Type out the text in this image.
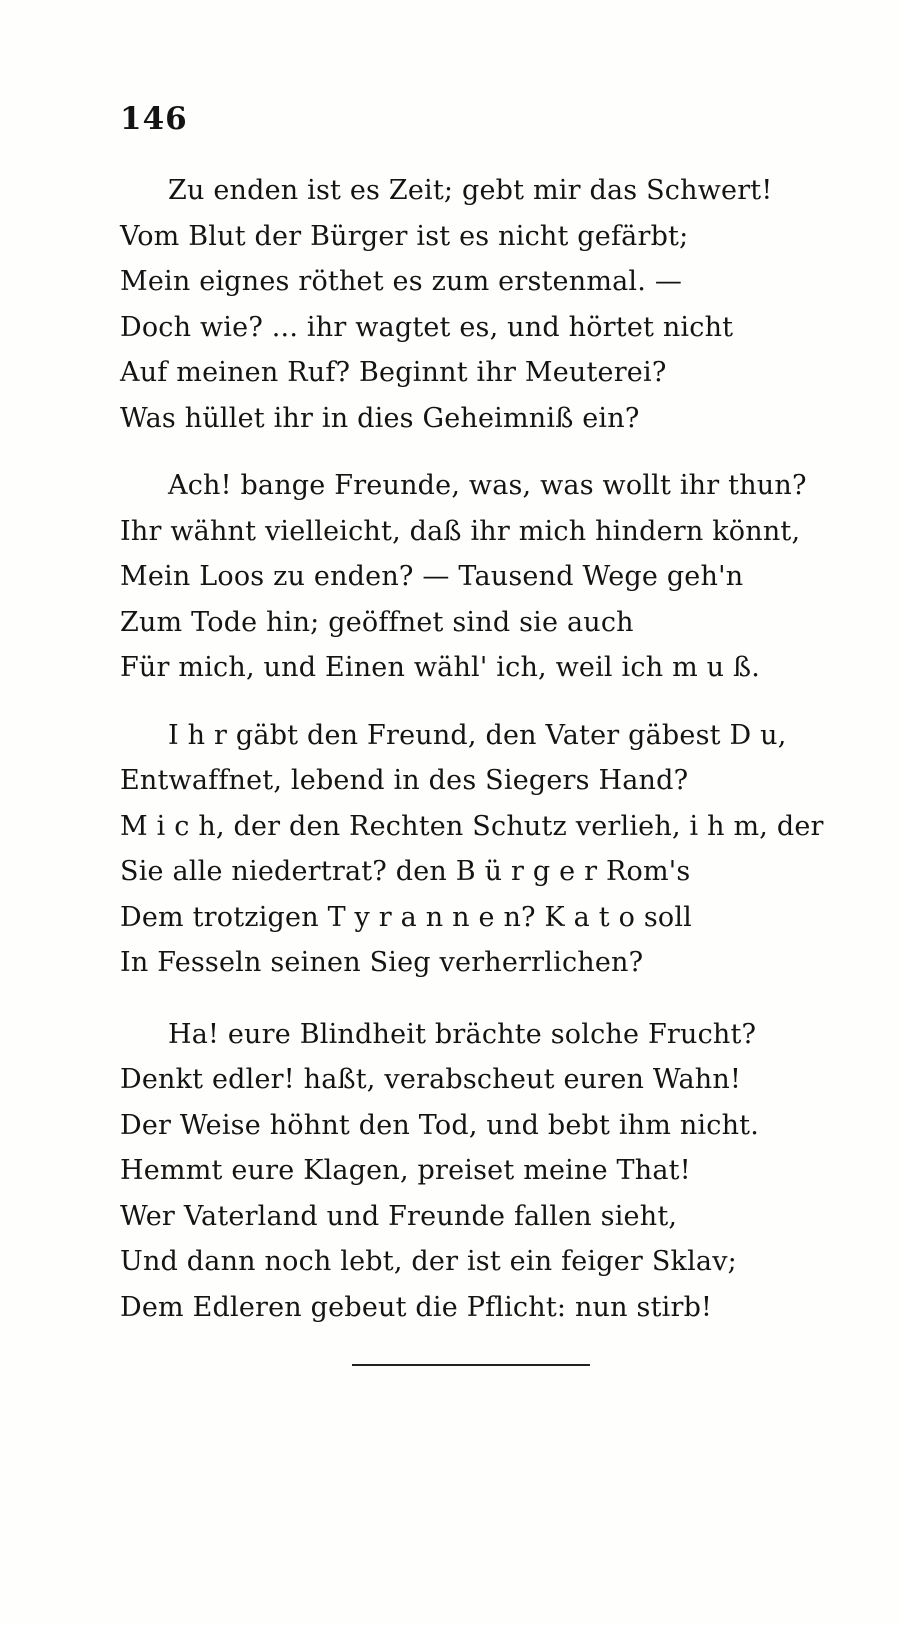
146
Zu enden ist es Zeit; gebt mir das Schwert!
Vom Blut der Bürger ist es nicht gefärbt;
Mein eignes röthet es zum erstenmal. —
Doch wie? ... ihr wagtet es, und hörtet nicht
Auf meinen Ruf? Beginnt ihr Meuterei?
Was hüllet ihr in dies Geheimniß ein?
Ach! bange Freunde, was, was wollt ihr thun?
Ihr wähnt vielleicht, daß ihr mich hindern könnt,
Mein Loos zu enden? — Tausend Wege geh'n
Zum Tode hin; geöffnet sind sie auch
Für mich, und Einen wähl' ich, weil ich m u ß.
I h r gäbt den Freund, den Vater gäbest D u,
Entwaffnet, lebend in des Siegers Hand?
M i c h, der den Rechten Schutz verlieh, i h m, der
Sie alle niedertrat? den B ü r g e r Rom's
Dem trotzigen T y r a n n e n? K a t o soll
In Fesseln seinen Sieg verherrlichen?
Ha! eure Blindheit brächte solche Frucht?
Denkt edler! haßt, verabscheut euren Wahn!
Der Weise höhnt den Tod, und bebt ihm nicht.
Hemmt eure Klagen, preiset meine That!
Wer Vaterland und Freunde fallen sieht,
Und dann noch lebt, der ist ein feiger Sklav;
Dem Edleren gebeut die Pflicht: nun stirb!
